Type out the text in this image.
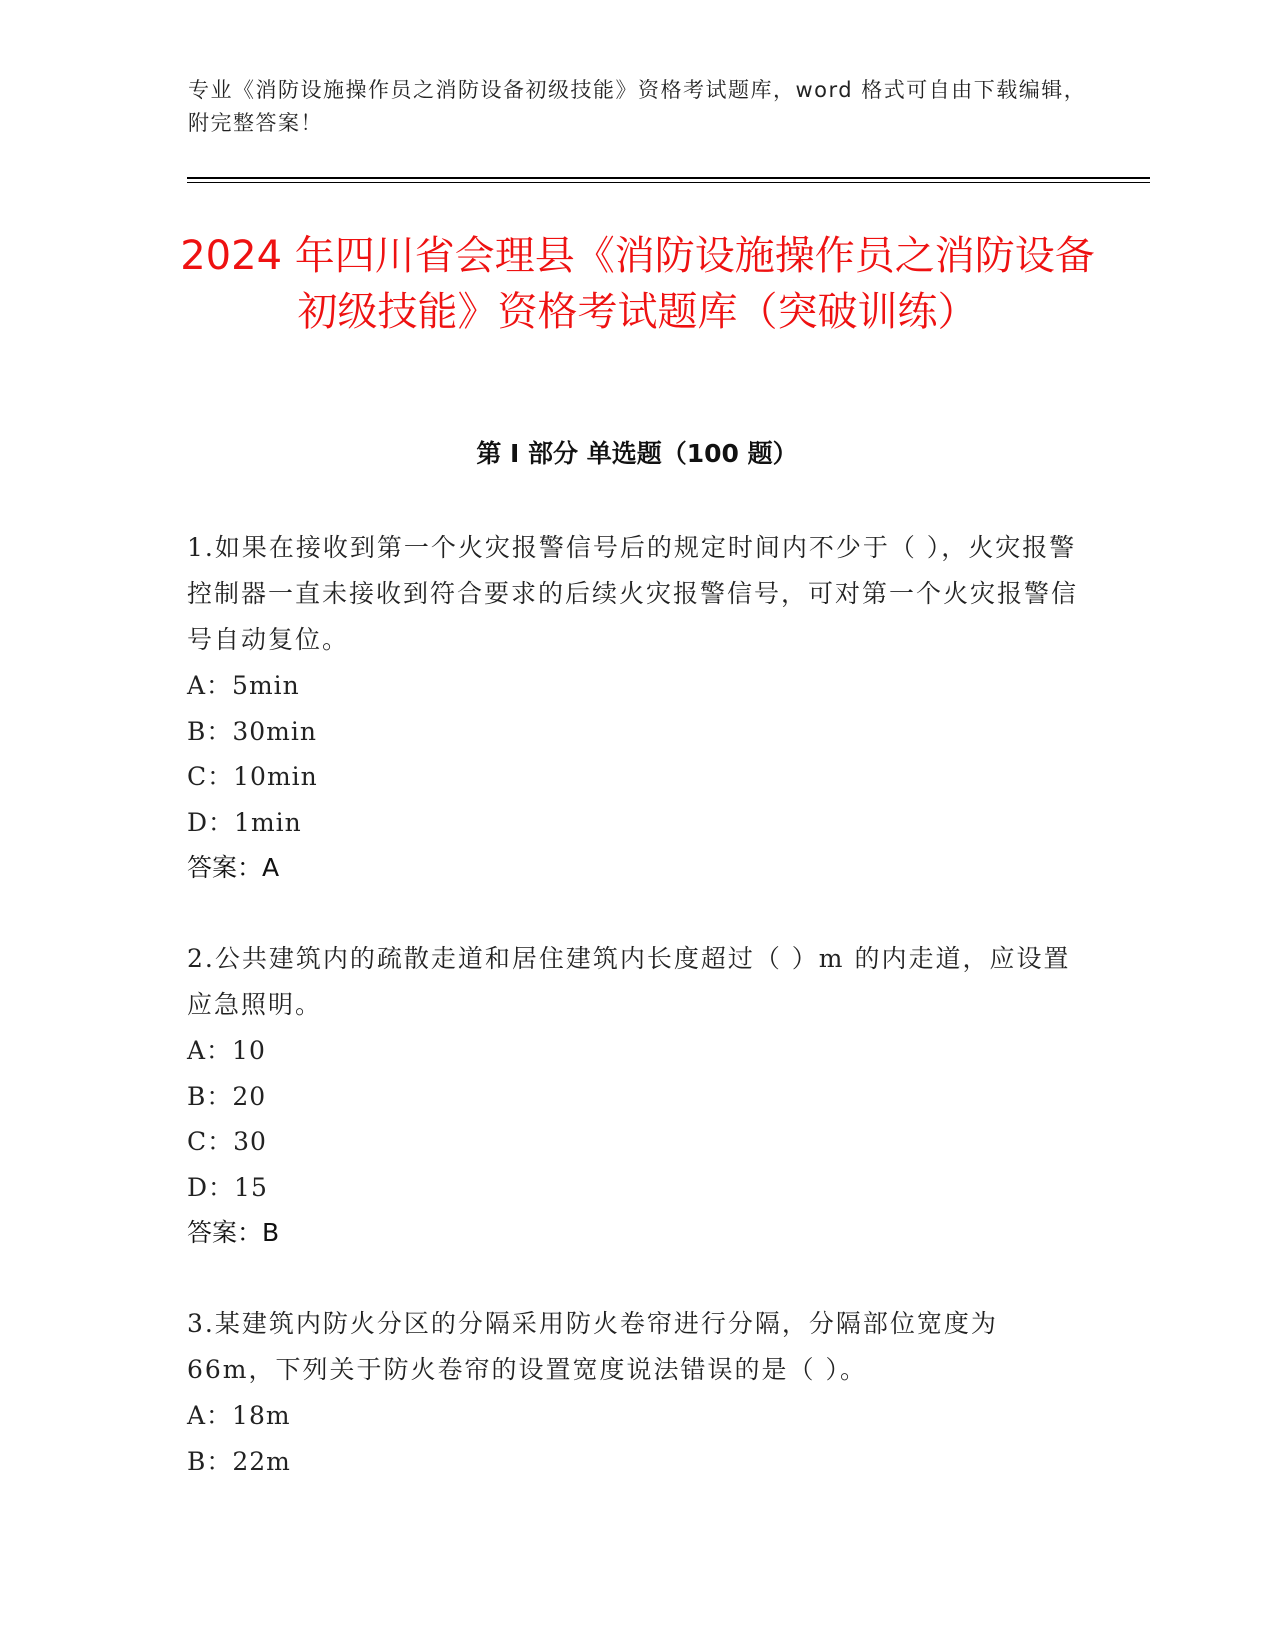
专业《消防设施操作员之消防设备初级技能》资格考试题库，word 格式可自由下载编辑，附完整答案！
2024 年四川省会理县《消防设施操作员之消防设备初级技能》资格考试题库（突破训练）
第 I 部分 单选题（100 题）

1.如果在接收到第一个火灾报警信号后的规定时间内不少于（ ），火灾报警控制器一直未接收到符合要求的后续火灾报警信号，可对第一个火灾报警信号自动复位。

A：5min
B：30min
C：10min
D：1min
答案：A

2.公共建筑内的疏散走道和居住建筑内长度超过（ ）m 的内走道，应设置应急照明。

A：10
B：20
C：30
D：15
答案：B

3.某建筑内防火分区的分隔采用防火卷帘进行分隔，分隔部位宽度为 66m，下列关于防火卷帘的设置宽度说法错误的是（ ）。

A：18m
B：22m
